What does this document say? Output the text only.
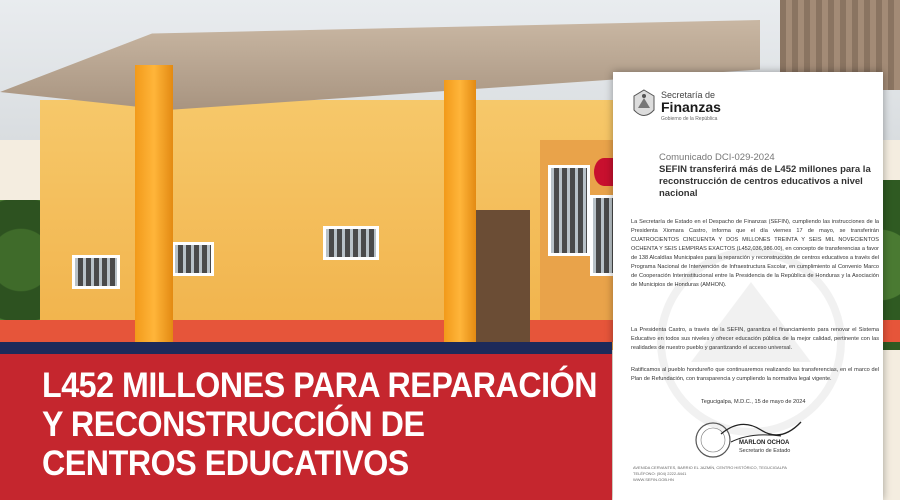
Secretaría de
Finanzas
Gobierno de la República
Comunicado DCI-029-2024
SEFIN transferirá más de L452 millones para la reconstrucción de centros educativos a nivel nacional
La Secretaría de Estado en el Despacho de Finanzas (SEFIN), cumpliendo las instrucciones de la Presidenta Xiomara Castro, informa que el día viernes 17 de mayo, se transferirán CUATROCIENTOS CINCUENTA Y DOS MILLONES TREINTA Y SEIS MIL NOVECIENTOS OCHENTA Y SEIS LEMPIRAS EXACTOS (L452,036,986.00), en concepto de transferencias a favor de 138 Alcaldías Municipales para la reparación y reconstrucción de centros educativos a través del Programa Nacional de Intervención de Infraestructura Escolar, en cumplimiento al Convenio Marco de Cooperación Interinstitucional entre la Presidencia de la República de Honduras y la Asociación de Municipios de Honduras (AMHON).
La Presidenta Castro, a través de la SEFIN, garantiza el financiamiento para renovar el Sistema Educativo en todos sus niveles y ofrecer educación pública de la mejor calidad, pertinente con las realidades de nuestro pueblo y garantizando el acceso universal.
Ratificamos al pueblo hondureño que continuaremos realizando las transferencias, en el marco del Plan de Refundación, con transparencia y cumpliendo la normativa legal vigente.
Tegucigalpa, M.D.C., 15 de mayo de 2024
MARLON OCHOA
Secretario de Estado
AVENIDA CERVANTES, BARRIO EL JAZMÍN, CENTRO HISTÓRICO, TEGUCIGALPA
TELÉFONO: (504) 2222-8441
WWW.SEFIN.GOB.HN
L452 MILLONES PARA REPARACIÓN
Y RECONSTRUCCIÓN DE
CENTROS EDUCATIVOS
